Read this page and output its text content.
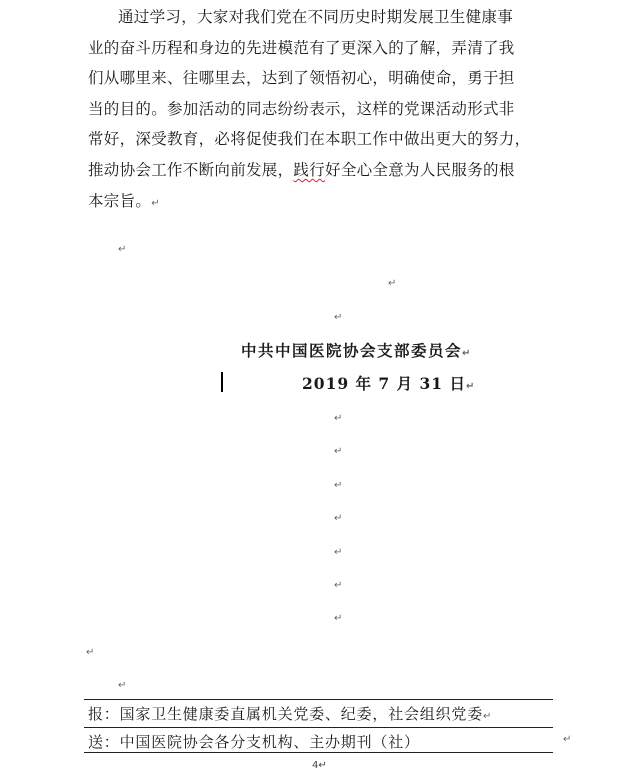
通过学习，大家对我们党在不同历史时期发展卫生健康事
业的奋斗历程和身边的先进模范有了更深入的了解，弄清了我
们从哪里来、往哪里去，达到了领悟初心，明确使命，勇于担
当的目的。参加活动的同志纷纷表示，这样的党课活动形式非
常好，深受教育，必将促使我们在本职工作中做出更大的努力，
推动协会工作不断向前发展，践行好全心全意为人民服务的根
本宗旨。↵
↵
↵
↵
中共中国医院协会支部委员会↵
2019 年 7 月 31 日↵
↵
↵
↵
↵
↵
↵
↵
↵
↵
报：国家卫生健康委直属机关党委、纪委，社会组织党委↵
送：中国医院协会各分支机构、主办期刊（社）	↵
4↵
